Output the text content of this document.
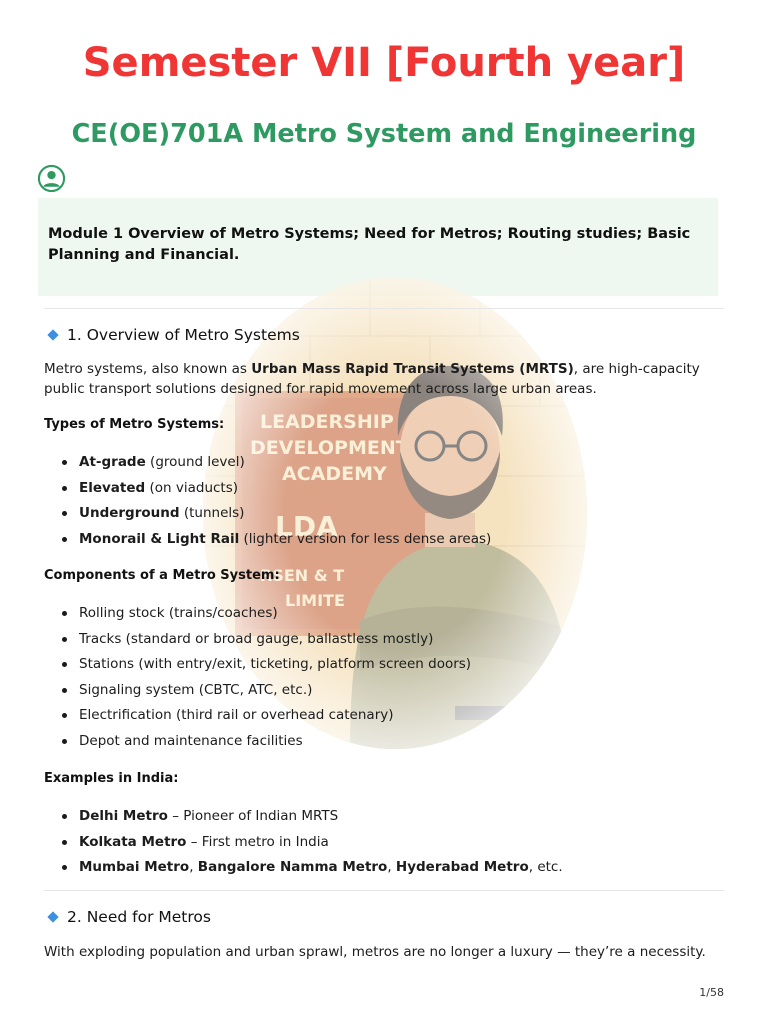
Semester VII [Fourth year]
CE(OE)701A Metro System and Engineering
Module 1 Overview of Metro Systems; Need for Metros; Routing studies; Basic Planning and Financial.
1. Overview of Metro Systems
Metro systems, also known as Urban Mass Rapid Transit Systems (MRTS), are high-capacity public transport solutions designed for rapid movement across large urban areas.
Types of Metro Systems:
At-grade (ground level)
Elevated (on viaducts)
Underground (tunnels)
Monorail & Light Rail (lighter version for less dense areas)
Components of a Metro System:
Rolling stock (trains/coaches)
Tracks (standard or broad gauge, ballastless mostly)
Stations (with entry/exit, ticketing, platform screen doors)
Signaling system (CBTC, ATC, etc.)
Electrification (third rail or overhead catenary)
Depot and maintenance facilities
Examples in India:
Delhi Metro – Pioneer of Indian MRTS
Kolkata Metro – First metro in India
Mumbai Metro, Bangalore Namma Metro, Hyderabad Metro, etc.
2. Need for Metros
With exploding population and urban sprawl, metros are no longer a luxury — they’re a necessity.
1/58
